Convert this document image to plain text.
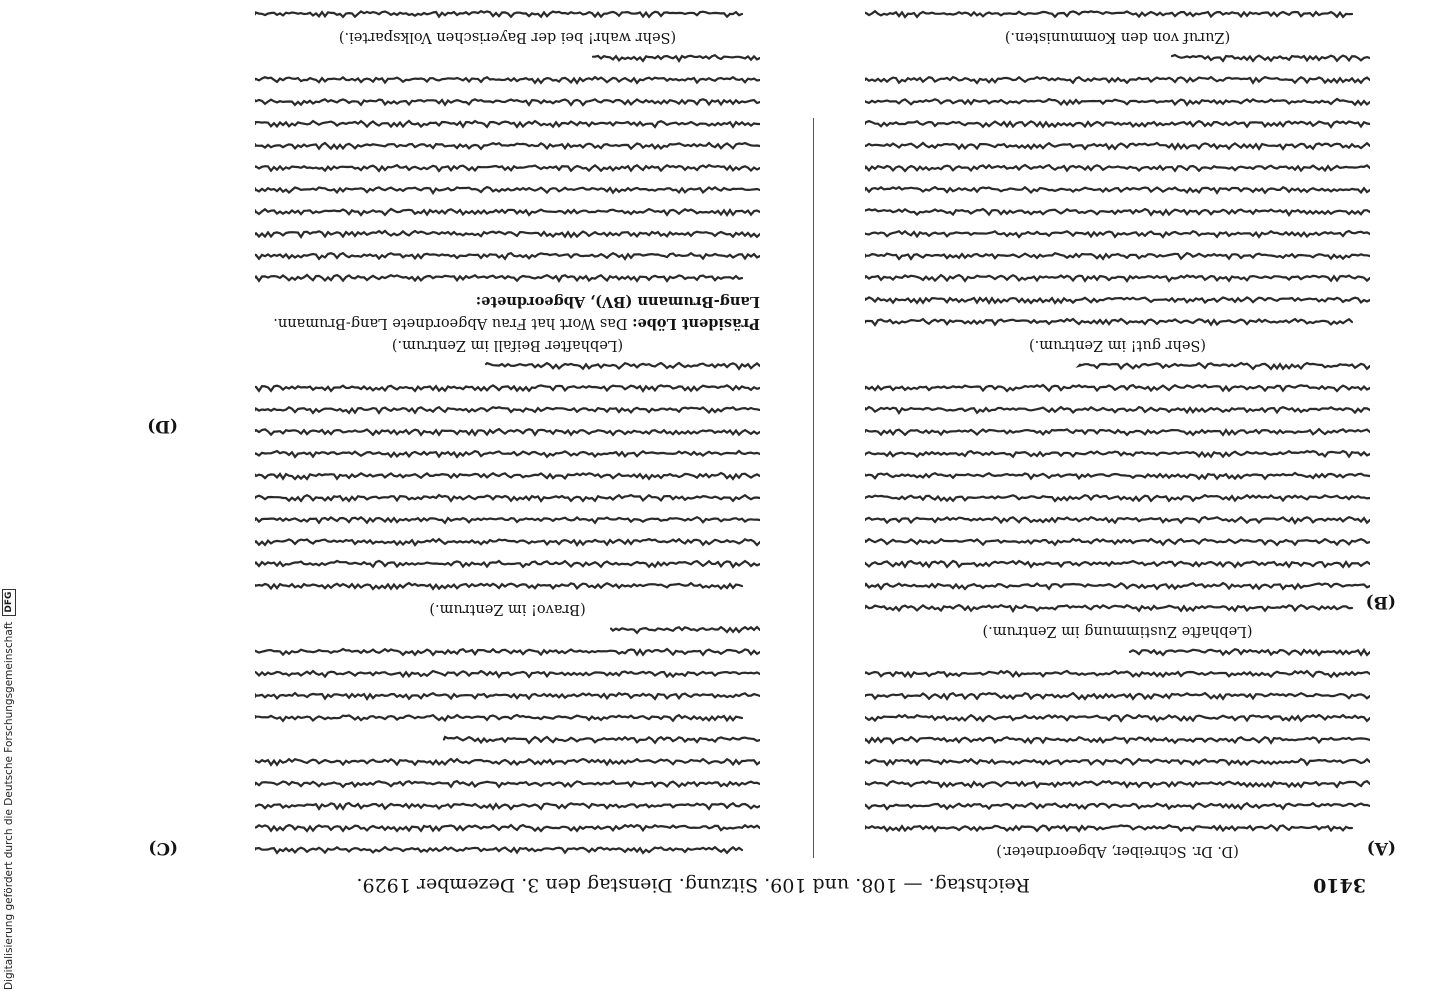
3410
Reichstag. — 108. und 109. Sitzung. Dienstag den 3. Dezember 1929.
(A)
(B)
(C)
(D)
(D. Dr. Schreiber, Abgeordneter.)
(Lebhafte Zustimmung im Zentrum.)
(Sehr gut! im Zentrum.)
(Zuruf von den Kommunisten.)
(Bravo! im Zentrum.)
(Lebhafter Beifall im Zentrum.)
Präsident Löbe: Das Wort hat Frau Abgeordnete Lang-Brumann.
Lang-Brumann (BV), Abgeordnete:
(Sehr wahr! bei der Bayerischen Volkspartei.)
Digitalisierung gefördert durch die Deutsche Forschungsgemeinschaft
DFG
